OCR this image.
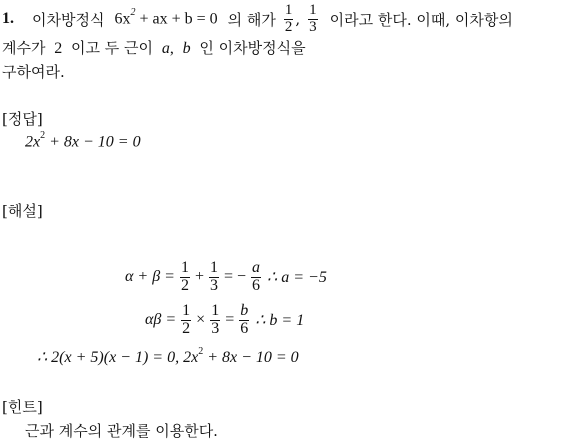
1. 이차방정식 $6x^2$ + ax + b = 0 의 해가 $\frac{1}{2}$ , $\frac{1}{3}$ 이라고 한다. 이때, 이차항의
계수가 2 이고 두 근이 a, b 인 이차방정식을
구하여라.
[정답]
$2x^2 + 8x - 10 = 0$
[해설]
$\alpha + \beta = \frac{1}{2} + \frac{1}{3}$ = − $\frac{a}{6}$ ∴ a = −5
$\alpha\beta = \frac{1}{2} \times \frac{1}{3} = \frac{b}{6}$ ∴ b = 1
∴ 2(x + 5)(x − 1) = 0, $2x^2 + 8x - 10 = 0$
[힌트]
근과 계수의 관계를 이용한다.
